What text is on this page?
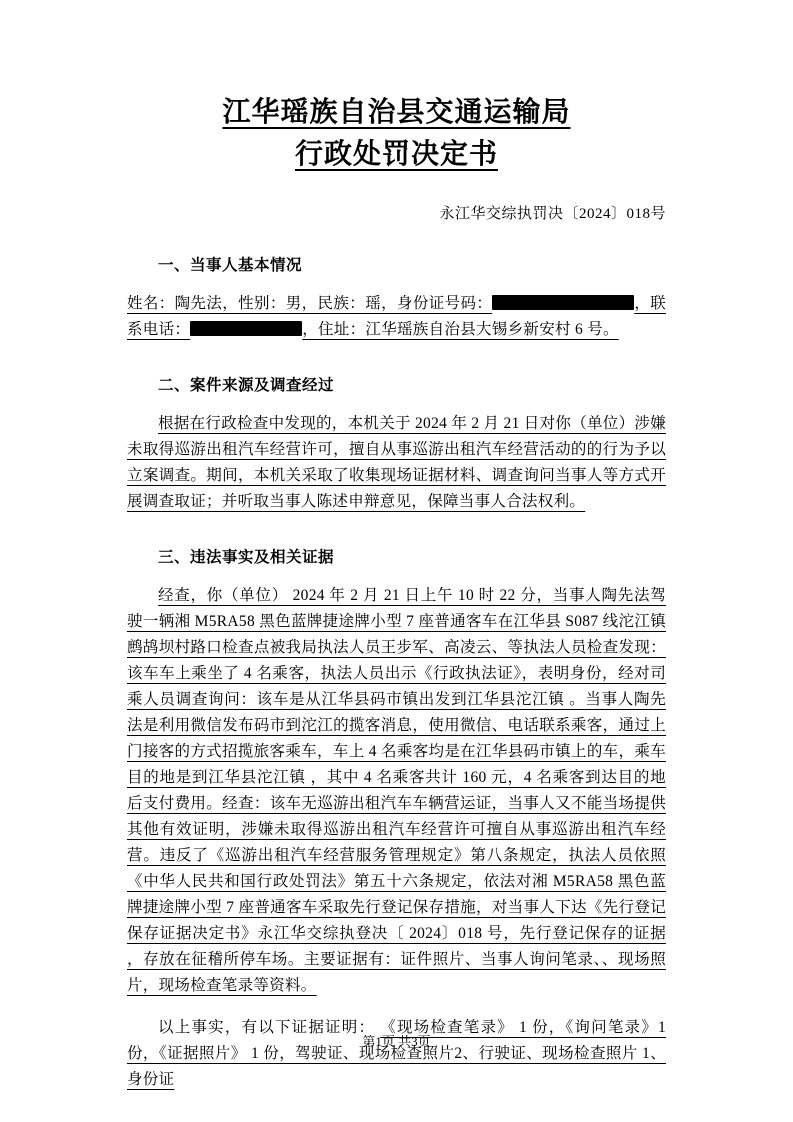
江华瑶族自治县交通运输局
行政处罚决定书
永江华交综执罚决〔2024〕018号
一、当事人基本情况

姓名：陶先法，性别：男，民族：瑶，身份证号码：	，联系电话：	，住址：江华瑶族自治县大锡乡新安村 6 号。

二、案件来源及调查经过

根据在行政检查中发现的，本机关于 2024 年 2 月 21 日对你（单位）涉嫌未取得巡游出租汽车经营许可，擅自从事巡游出租汽车经营活动的的行为予以立案调查。期间，本机关采取了收集现场证据材料、调查询问当事人等方式开展调查取证；并听取当事人陈述申辩意见，保障当事人合法权利。

三、违法事实及相关证据

经查，你（单位） 2024 年 2 月 21 日上午 10 时 22 分，当事人陶先法驾驶一辆湘 M5RA58 黑色蓝牌捷途牌小型 7 座普通客车在江华县 S087 线沱江镇鹧鸪坝村路口检查点被我局执法人员王步军、高凌云、等执法人员检查发现：该车车上乘坐了 4 名乘客，执法人员出示《行政执法证》，表明身份，经对司乘人员调查询问：该车是从江华县码市镇出发到江华县沱江镇 。当事人陶先法是利用微信发布码市到沱江的揽客消息，使用微信、电话联系乘客，通过上门接客的方式招揽旅客乘车，车上 4 名乘客均是在江华县码市镇上的车，乘车目的地是到江华县沱江镇 ，其中 4 名乘客共计 160 元，4 名乘客到达目的地后支付费用。经查：该车无巡游出租汽车车辆营运证，当事人又不能当场提供其他有效证明，涉嫌未取得巡游出租汽车经营许可擅自从事巡游出租汽车经营。违反了《巡游出租汽车经营服务管理规定》第八条规定，执法人员依照《中华人民共和国行政处罚法》第五十六条规定，依法对湘 M5RA58 黑色蓝牌捷途牌小型 7 座普通客车采取先行登记保存措施，对当事人下达《先行登记保存证据决定书》永江华交综执登决〔 2024〕018 号，先行登记保存的证据 ，存放在征稽所停车场。主要证据有：证件照片、当事人询问笔录、、现场照片，现场检查笔录等资料。

以上事实，有以下证据证明： 《现场检查笔录》 1 份，《询问笔录》1 份，《证据照片》 1 份，驾驶证、现场检查照片2、行驶证、现场检查照片 1、身份证

第1页 共3页
